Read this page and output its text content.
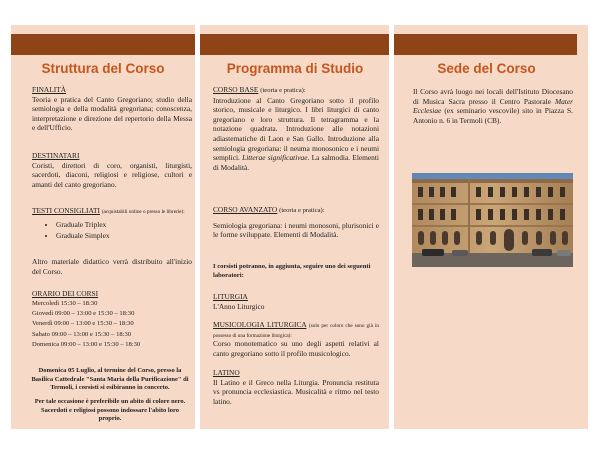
Struttura del Corso
FINALITÀ
Teoria e pratica del Canto Gregoriano; studio della semiologia e della modalità gregoriana; conoscenza, interpretazione e direzione del repertorio della Messa e dell'Ufficio.
DESTINATARI
Coristi, direttori di coro, organisti, liturgisti, sacerdoti, diaconi, religiosi e religiose, cultori e amanti del canto gregoriano.
TESTI CONSIGLIATI (acquistabili online o presso le librerie):
• Graduale Triplex
• Graduale Simplex
Altro materiale didattico verrà distribuito all'inizio del Corso.
ORARIO DEI CORSI
Mercoledì 15:30 – 18:30
Giovedì 09:00 – 13:00 e 15:30 – 18:30
Venerdì 09:00 – 13:00 e 15:30 – 18:30
Sabato 09:00 – 13:00 e 15:30 – 18:30
Domenica 09:00 – 13:00 e 15:30 – 18:30
Domenica 05 Luglio, al termine del Corso, presso la Basilica Cattedrale "Santa Maria della Purificazione" di Termoli, i corsisti si esibiranno in concerto.
Per tale occasione è preferibile un abito di colore nero. Sacerdoti e religiosi possono indossare l'abito loro proprio.
Programma di Studio
CORSO BASE (teoria e pratica):
Introduzione al Canto Gregoriano sotto il profilo storico, musicale e liturgico. I libri liturgici di canto gregoriano e loro struttura. Il tetragramma e la notazione quadrata. Introduzione alle notazioni adiastematiche di Laon e San Gallo. Introduzione alla semiologia gregoriana: il neuma monosonico e i neumi semplici. Litterae significativae. La salmodia. Elementi di Modalità.
CORSO AVANZATO (teoria e pratica):
Semiologia gregoriana: i neumi monosoni, plurisonici e le forme sviluppate. Elementi di Modalità.
I corsisti potranno, in aggiunta, seguire uno dei seguenti laboratori:
LITURGIA
L'Anno Liturgico
MUSICOLOGIA LITURGICA (solo per coloro che sono già in possesso di una formazione liturgica):
Corso monotematico su uno degli aspetti relativi al canto gregoriano sotto il profilo musicologico.
LATINO
Il Latino e il Greco nella Liturgia. Pronuncia restituta vs pronuncia ecclesiastica. Musicalità e ritmo nel testo latino.
Sede del Corso
Il Corso avrà luogo nei locali dell'Istituto Diocesano di Musica Sacra presso il Centro Pastorale Mater Ecclesiae (ex seminario vescovile) sito in Piazza S. Antonio n. 6 in Termoli (CB).
